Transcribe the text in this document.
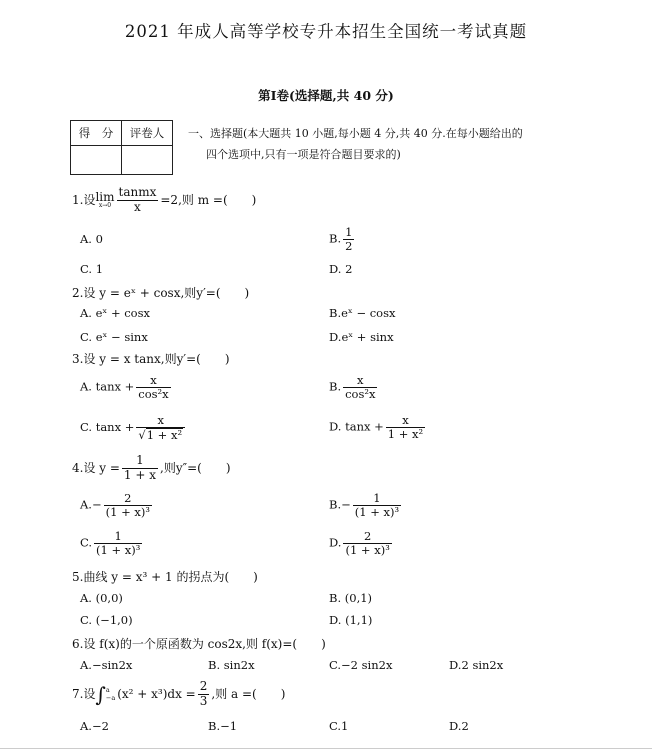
2021 年成人高等学校专升本招生全国统一考试真题
第Ⅰ卷(选择题,共 40 分)
得　分	评卷人
	一、选择题(本大题共 10 小题,每小题 4 分,共 40 分.在每小题给出的
四个选项中,只有一项是符合题目要求的)
1.设 lim
$x\to 0 \frac{\text{tanmx}}{x} =2$,则 m =(　　)
A. 0	B. $\frac{1}{2}$
C. 1	D. 2
2.设 y = eˣ + cosx,则y′=(　　)
A. eˣ + cosx	B.eˣ − cosx
C. eˣ − sinx	D.eˣ + sinx
3.设 y = x tanx,则y′=(　　)
A. $\tan x + \frac{x}{\text{cos²x}}$	B. $\frac{x}{\text{cos²x}}$
C. $\tan x + \frac{x}{\text{√1 + x²}}$	D. $\tan x + \frac{x}{\text{1 + x²}}$
4.设 $y = \frac{1}{1 + x}$ ,则y″=(　　)
$A.- \frac{2}{\text{(1 + x)³}}$	$B.- \frac{1}{\text{(1 + x)³}}$
C. $\frac{1}{\text{(1 + x)³}}$	D. $\frac{2}{\text{(1 + x)³}}$
5.曲线 y = x³ + 1 的拐点为(　　)
A. (0,0)	B. (0,1)
C. (−1,0)	D. (1,1)
6.设 f(x)的一个原函数为 cos2x,则 f(x)=(　　)
A.−sin2x	B. sin2x	C.−2 sin2x	D.2 sin2x
7.设∫ a
−a $(x^2 + x^3)dx = \frac{2}{3}$ ,则 a =(　　)
A.−2	B.−1	C.1	D.2
